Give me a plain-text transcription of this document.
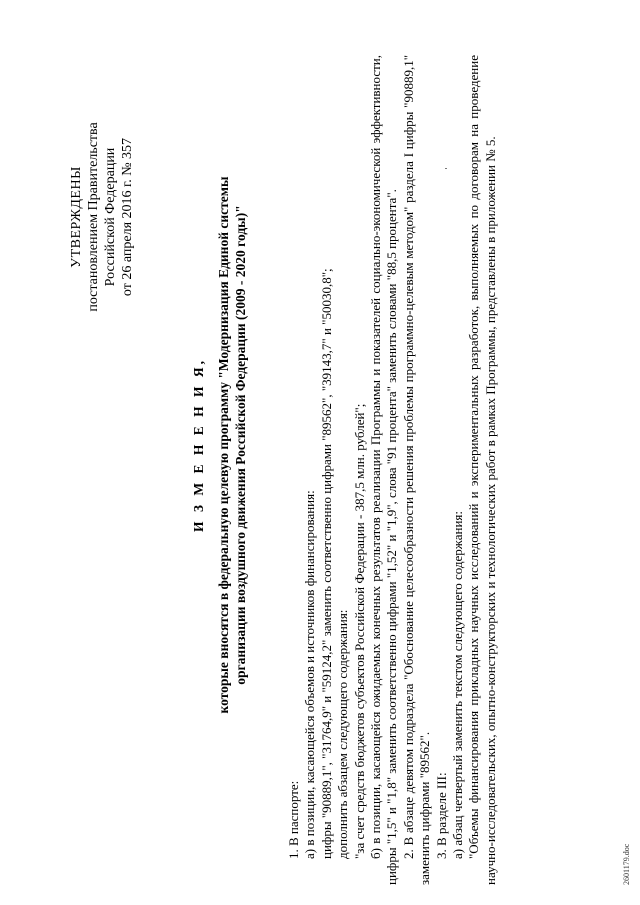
УТВЕРЖДЕНЫ постановлением Правительства Российской Федерации от 26 апреля 2016 г. № 357
И З М Е Н Е Н И Я, которые вносятся в федеральную целевую программу "Модернизация Единой системы организации воздушного движения Российской Федерации (2009 - 2020 годы)"

1. В паспорте: а) в позиции, касающейся объемов и источников финансирования: цифры "90889,1", "31764,9" и "59124,2" заменить соответственно цифрами "89562", "39143,7" и "50030,8"; дополнить абзацем следующего содержания: "за счет средств бюджетов субъектов Российской Федерации - 387,5 млн. рублей"; б) в позиции, касающейся ожидаемых конечных результатов реализации Программы и показателей социально-экономической эффективности, цифры "1,5" и "1,8" заменить соответственно цифрами "1,52" и "1,9", слова "91 процента" заменить словами "88,5 процента". 2. В абзаце девятом подраздела "Обоснование целесообразности решения проблемы программно-целевым методом" раздела I цифры "90889,1" заменить цифрами "89562". 3. В разделе III: а) абзац четвертый заменить текстом следующего содержания: "Объемы финансирования прикладных научных исследований и экспериментальных разработок, выполняемых по договорам на проведение научно-исследовательских, опытно-конструкторских и технологических работ в рамках Программы, представлены в приложении № 5.	2601179.doc
